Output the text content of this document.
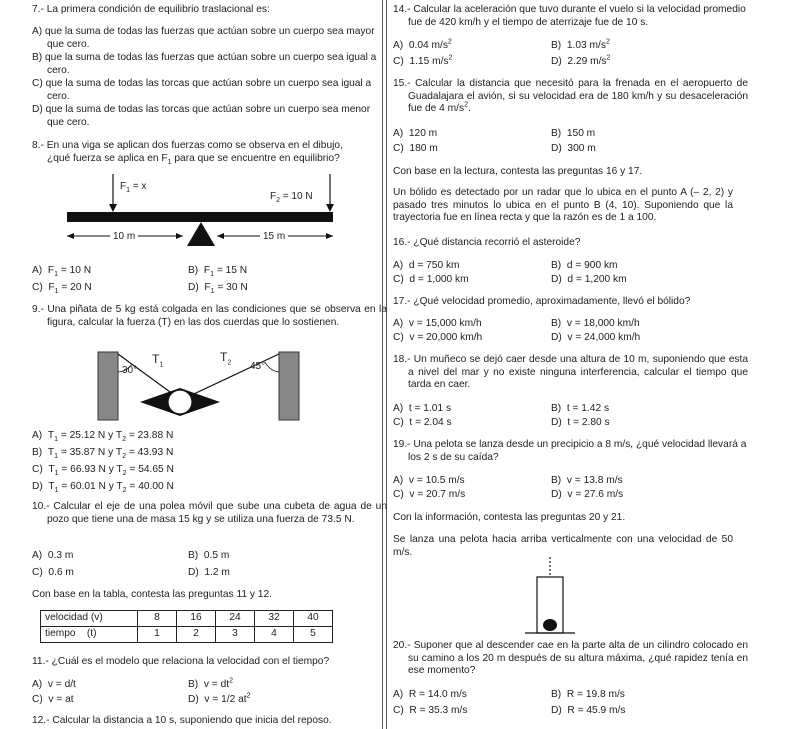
7.- La primera condición de equilibrio traslacional es:
A) que la suma de todas las fuerzas que actúan sobre un cuerpo sea mayor que cero.
B) que la suma de todas las fuerzas que actúan sobre un cuerpo sea igual a cero.
C) que la suma de todas las torcas que actúan sobre un cuerpo sea igual a cero.
D) que la suma de todas las torcas que actúan sobre un cuerpo sea menor que cero.
8.- En una viga se aplican dos fuerzas como se observa en el dibujo,
¿qué fuerza se aplica en $F_1$ para que se encuentre en equilibrio?
$F_1 = x$
$F_2 = 10$ N
10 m	15 m
A) $F_1 = 10$ N	B) $F_1 = 15$ N
C) $F_1 = 20$ N	D) $F_1 = 30$ N
9.- Una piñata de 5 kg está colgada en las condiciones que se observa en la figura, calcular la fuerza (T) en las dos cuerdas que lo sostienen.
30°	45°
$T_1$
$T_2$
A)  $T_1 = 25.12$ N y $T_2 = 23.88$ N
B)  $T_1 = 35.87$ N y $T_2 = 43.93$ N
C)  $T_1 = 66.93$ N y $T_2 = 54.65$ N
D)  $T_1 = 60.01$ N y $T_2 = 40.00$ N
10.- Calcular el eje de una polea móvil que sube una cubeta de agua de un pozo que tiene una de masa 15 kg y se utiliza una fuerza de 73.5 N.
A) 0.3 m	B) 0.5 m
C) 0.6 m	D) 1.2 m
Con base en la tabla, contesta las preguntas 11 y 12.
velocidad (v)	8	16	24	32	40
tiempo    (t)	1	2	3	4	5
11.- ¿Cuál es el modelo que relaciona la velocidad con el tiempo?
A) v = d/t	B) $v = dt^2$
C) v = at	D) v = 1/2 $at^2$
12.- Calcular la distancia a 10 s, suponiendo que inicia del reposo.
14.- Calcular la aceleración que tuvo durante el vuelo si la velocidad promedio fue de 420 km/h y el tiempo de aterrizaje fue de 10 s.
A) 0.04 $m/s^2$	B) 1.03 $m/s^2$
C) 1.15 $m/s^2$	D) 2.29 $m/s^2$
15.- Calcular la distancia que necesitó para la frenada en el aeropuerto de Guadalajara el avión, si su velocidad era de 180 km/h y su desaceleración fue de 4 $m/s^2$.
A) 120 m	B) 150 m
C) 180 m	D) 300 m
Con base en la lectura, contesta las preguntas 16 y 17.
Un bólido es detectado por un radar que lo ubica en el punto A (– 2, 2) y pasado tres minutos lo ubica en el punto B (4, 10). Suponiendo que la trayectoria fue en línea recta y que la razón es de 1 a 100.
16.- ¿Qué distancia recorrió el asteroide?
A) d = 750 km	B) d = 900 km
C) d = 1,000 km	D) d = 1,200 km
17.- ¿Qué velocidad promedio, aproximadamente, llevó el bólido?
A) v = 15,000 km/h	B) v = 18,000 km/h
C) v = 20,000 km/h	D) v = 24,000 km/h
18.- Un muñeco se dejó caer desde una altura de 10 m, suponiendo que esta a nivel del mar y no existe ninguna interferencia, calcular el tiempo que tarda en caer.
A) t = 1.01 s	B) t = 1.42 s
C) t = 2.04 s	D) t = 2.80 s
19.- Una pelota se lanza desde un precipicio a 8 m/s, ¿qué velocidad llevará a los 2 s de su caída?
A) v = 10.5 m/s	B) v = 13.8 m/s
C) v = 20.7 m/s	D) v = 27.6 m/s
Con la información, contesta las preguntas 20 y 21.
Se lanza una pelota hacia arriba verticalmente con una velocidad de 50 m/s.
20.- Suponer que al descender cae en la parte alta de un cilindro colocado en su camino a los 20 m después de su altura máxima, ¿qué rapidez tenía en ese momento?
A) R = 14.0 m/s	B) R = 19.8 m/s
C) R = 35.3 m/s	D) R = 45.9 m/s
